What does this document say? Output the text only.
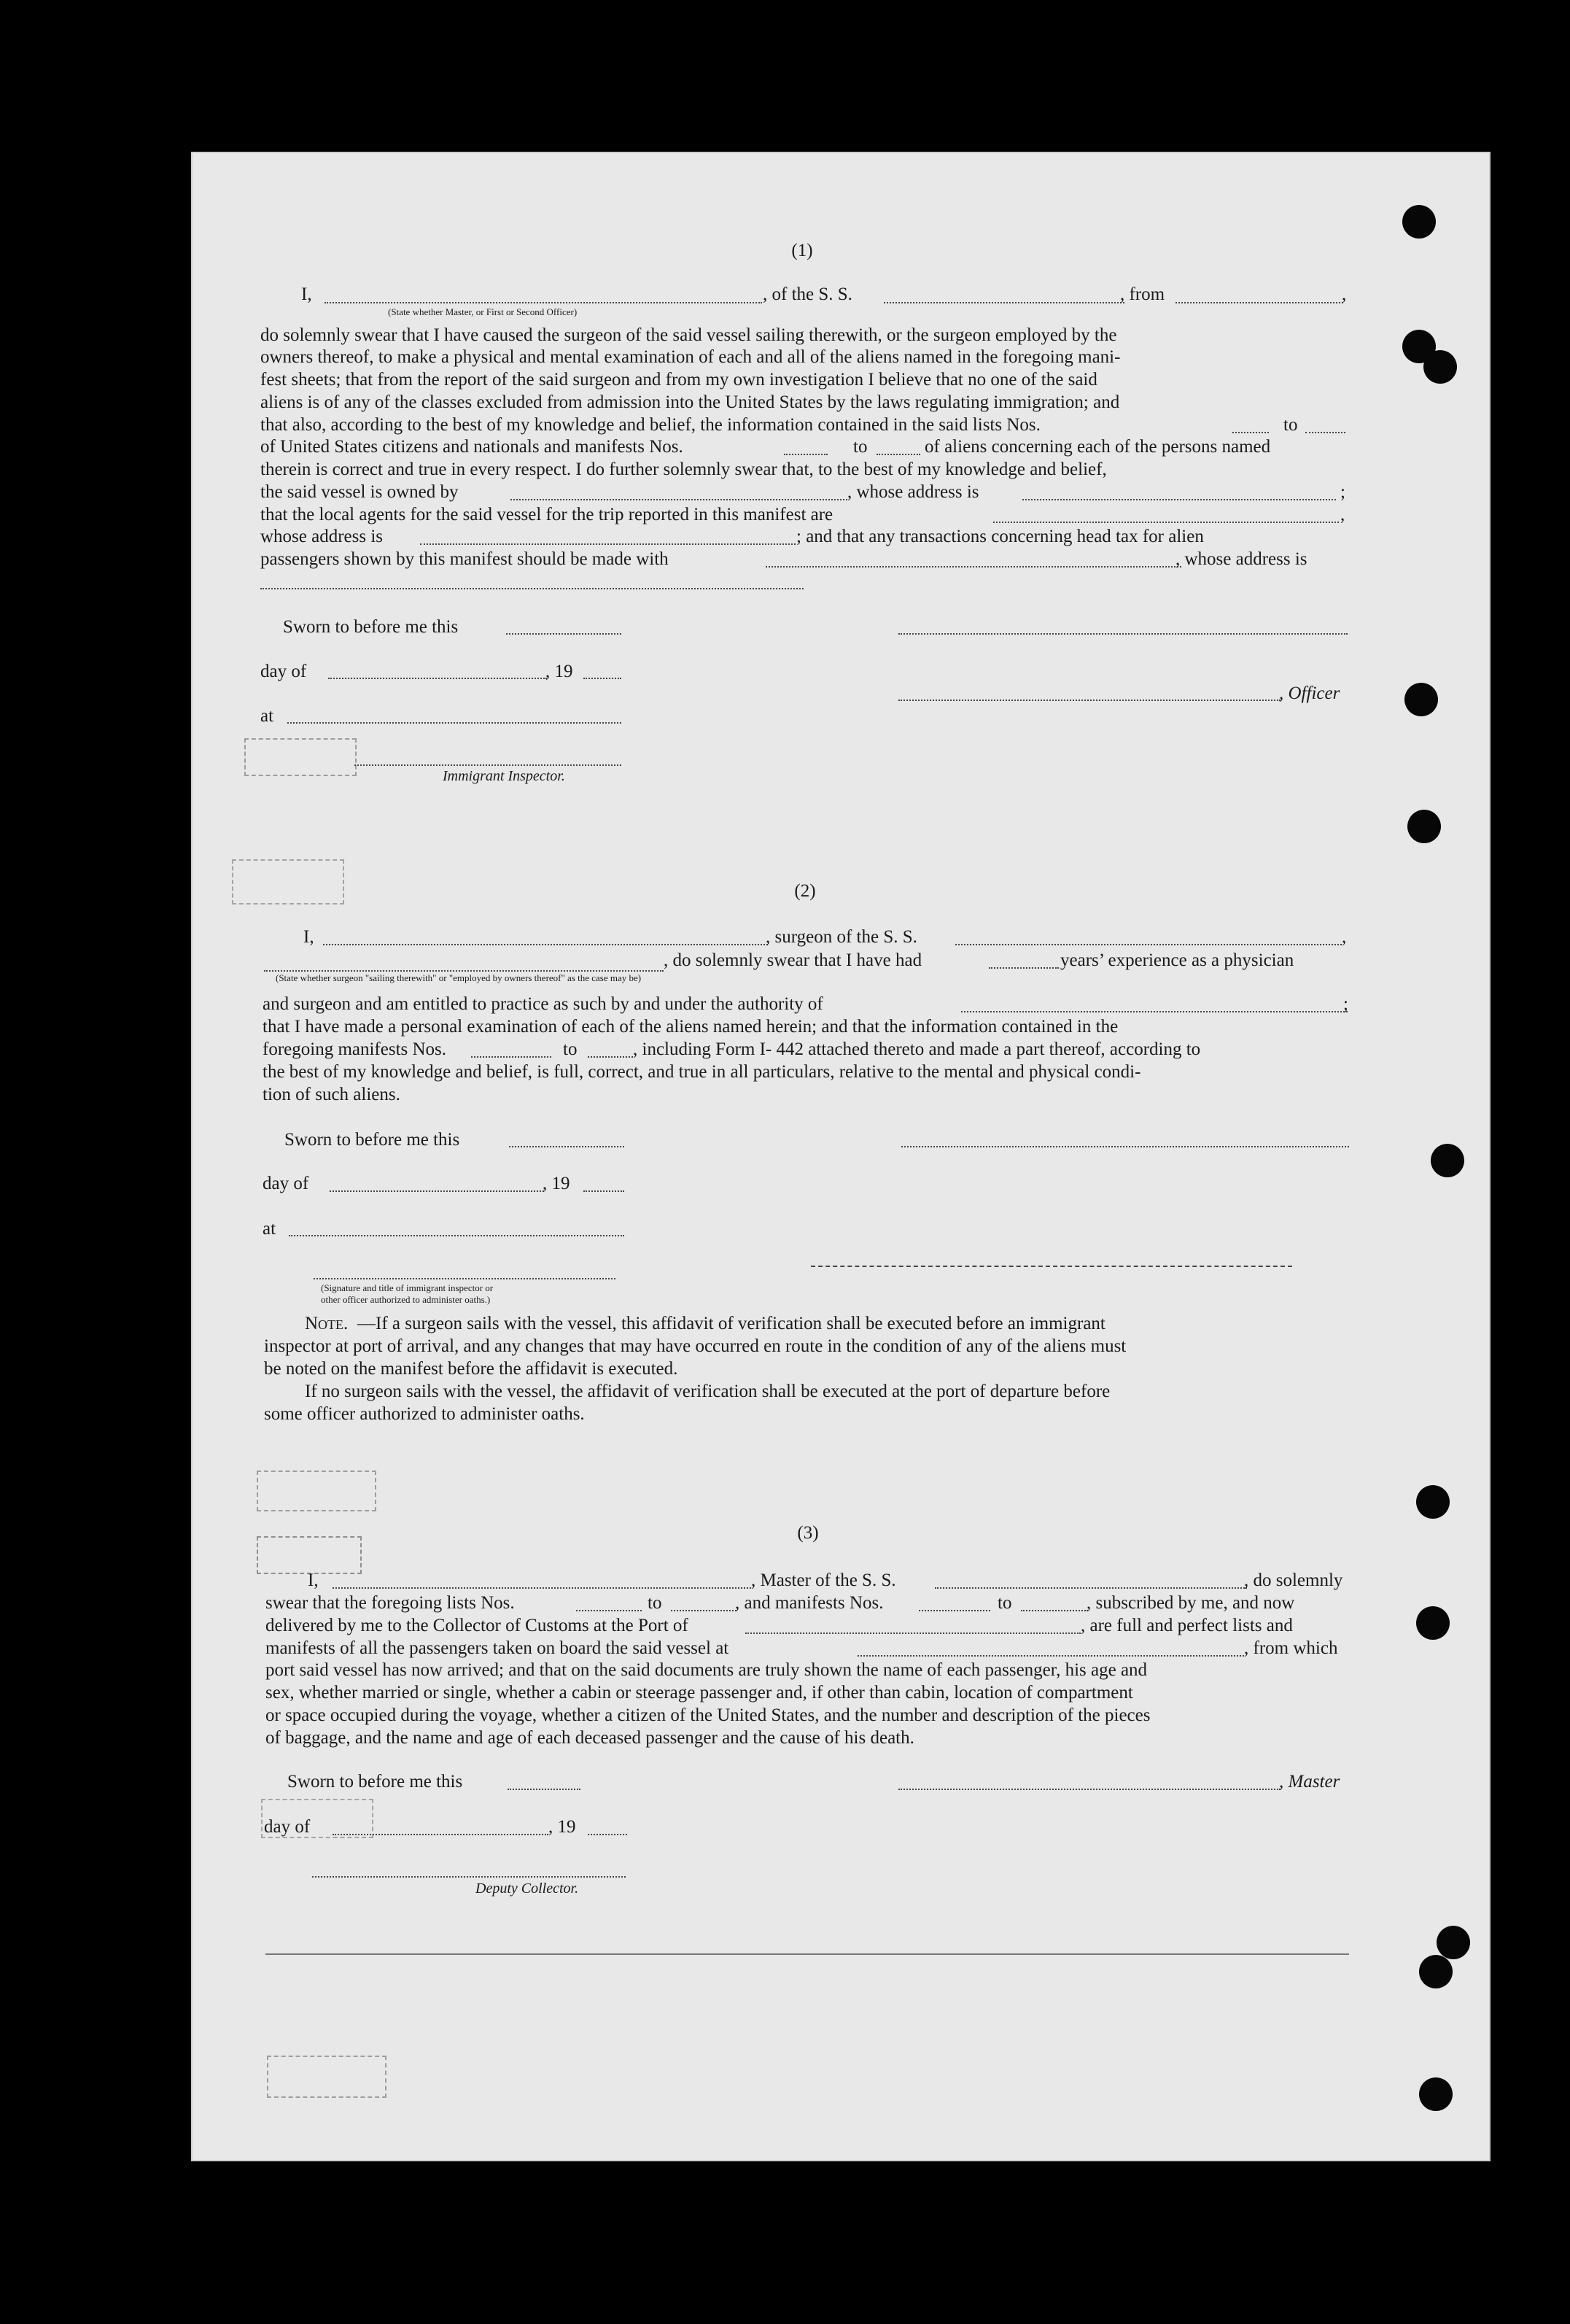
(1)
I,
(State whether Master, or First or Second Officer)
, of the S. S.	, from	,
do solemnly swear that I have caused the surgeon of the said vessel sailing therewith, or the surgeon employed by the
owners thereof, to make a physical and mental examination of each and all of the aliens named in the foregoing mani-
fest sheets; that from the report of the said surgeon and from my own investigation I believe that no one of the said
aliens is of any of the classes excluded from admission into the United States by the laws regulating immigration; and
that also, according to the best of my knowledge and belief, the information contained in the said lists Nos.	to
of United States citizens and nationals and manifests Nos.	to	of aliens concerning each of the persons named
therein is correct and true in every respect. I do further solemnly swear that, to the best of my knowledge and belief,
the said vessel is owned by	, whose address is	;
that the local agents for the said vessel for the trip reported in this manifest are	,
whose address is	; and that any transactions concerning head tax for alien
passengers shown by this manifest should be made with	, whose address is
Sworn to before me this
day of	, 19
, Officer
at
Immigrant Inspector.
(2)
I,	, surgeon of the S. S.	,
, do solemnly swear that I have had
(State whether surgeon "sailing therewith" or "employed by owners thereof" as the case may be)
years’ experience as a physician
and surgeon and am entitled to practice as such by and under the authority of	;
that I have made a personal examination of each of the aliens named herein; and that the information contained in the
foregoing manifests Nos.	to	, including Form I- 442 attached thereto and made a part thereof, according to
the best of my knowledge and belief, is full, correct, and true in all particulars, relative to the mental and physical condi-
tion of such aliens.
Sworn to before me this
day of	, 19
at
(Signature and title of immigrant inspector or
other officer authorized to administer oaths.)
Note. —If a surgeon sails with the vessel, this affidavit of verification shall be executed before an immigrant
inspector at port of arrival, and any changes that may have occurred en route in the condition of any of the aliens must
be noted on the manifest before the affidavit is executed.
If no surgeon sails with the vessel, the affidavit of verification shall be executed at the port of departure before
some officer authorized to administer oaths.
(3)
I,	, Master of the S. S.	, do solemnly
swear that the foregoing lists Nos.	to	, and manifests Nos.	to	, subscribed by me, and now
delivered by me to the Collector of Customs at the Port of	, are full and perfect lists and
manifests of all the passengers taken on board the said vessel at	, from which
port said vessel has now arrived; and that on the said documents are truly shown the name of each passenger, his age and
sex, whether married or single, whether a cabin or steerage passenger and, if other than cabin, location of compartment
or space occupied during the voyage, whether a citizen of the United States, and the number and description of the pieces
of baggage, and the name and age of each deceased passenger and the cause of his death.
Sworn to before me this	, Master
day of	, 19
Deputy Collector.
